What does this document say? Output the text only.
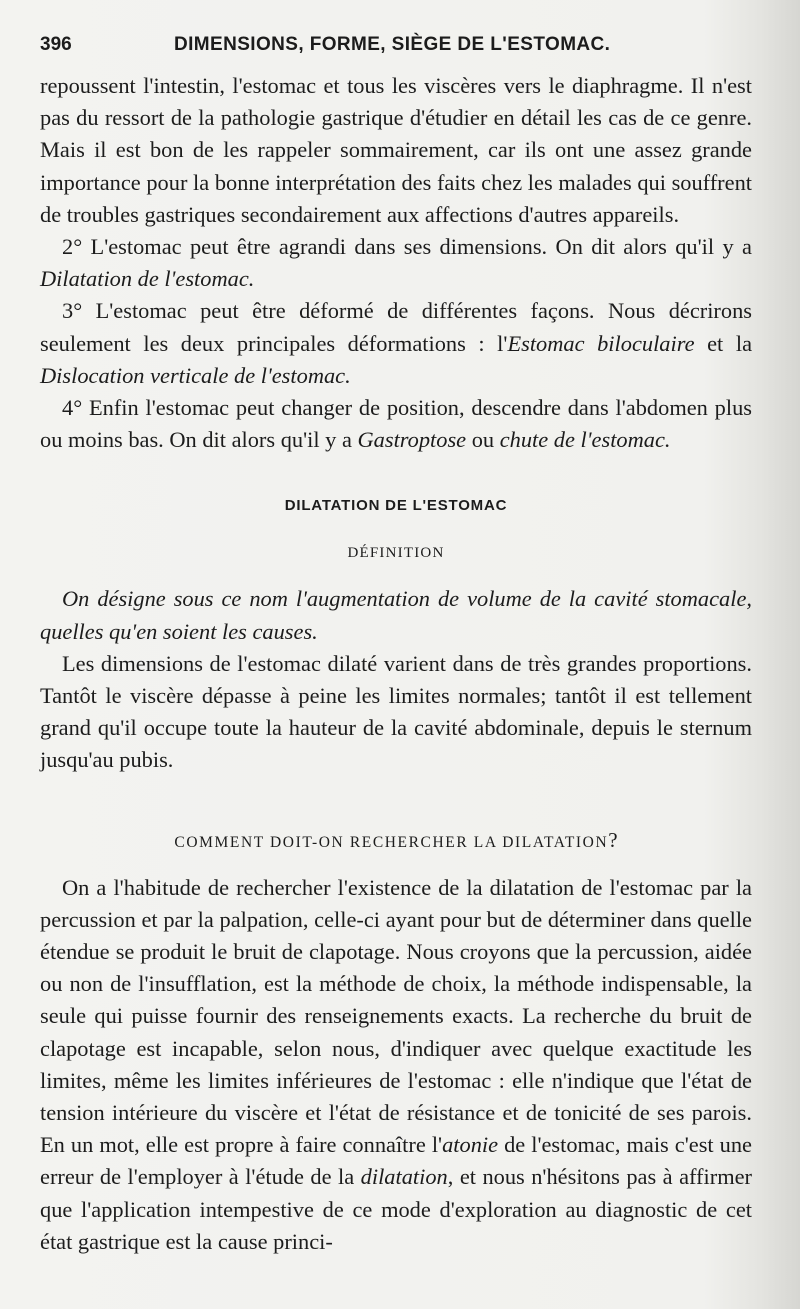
396	DIMENSIONS, FORME, SIÈGE DE L'ESTOMAC.

repoussent l'intestin, l'estomac et tous les viscères vers le diaphragme. Il n'est pas du ressort de la pathologie gastrique d'étudier en détail les cas de ce genre. Mais il est bon de les rappeler sommairement, car ils ont une assez grande importance pour la bonne interprétation des faits chez les malades qui souffrent de troubles gastriques secondairement aux affections d'autres appareils.

2° L'estomac peut être agrandi dans ses dimensions. On dit alors qu'il y a Dilatation de l'estomac.

3° L'estomac peut être déformé de différentes façons. Nous décrirons seulement les deux principales déformations : l'Estomac biloculaire et la Dislocation verticale de l'estomac.

4° Enfin l'estomac peut changer de position, descendre dans l'abdomen plus ou moins bas. On dit alors qu'il y a Gastroptose ou chute de l'estomac.

DILATATION DE L'ESTOMAC
DÉFINITION

On désigne sous ce nom l'augmentation de volume de la cavité stomacale, quelles qu'en soient les causes.

Les dimensions de l'estomac dilaté varient dans de très grandes proportions. Tantôt le viscère dépasse à peine les limites normales; tantôt il est tellement grand qu'il occupe toute la hauteur de la cavité abdominale, depuis le sternum jusqu'au pubis.

COMMENT DOIT-ON RECHERCHER LA DILATATION?

On a l'habitude de rechercher l'existence de la dilatation de l'estomac par la percussion et par la palpation, celle-ci ayant pour but de déterminer dans quelle étendue se produit le bruit de clapotage. Nous croyons que la percussion, aidée ou non de l'insufflation, est la méthode de choix, la méthode indispensable, la seule qui puisse fournir des renseignements exacts. La recherche du bruit de clapotage est incapable, selon nous, d'indiquer avec quelque exactitude les limites, même les limites inférieures de l'estomac : elle n'indique que l'état de tension intérieure du viscère et l'état de résistance et de tonicité de ses parois. En un mot, elle est propre à faire connaître l'atonie de l'estomac, mais c'est une erreur de l'employer à l'étude de la dilatation, et nous n'hésitons pas à affirmer que l'application intempestive de ce mode d'exploration au diagnostic de cet état gastrique est la cause princi-
